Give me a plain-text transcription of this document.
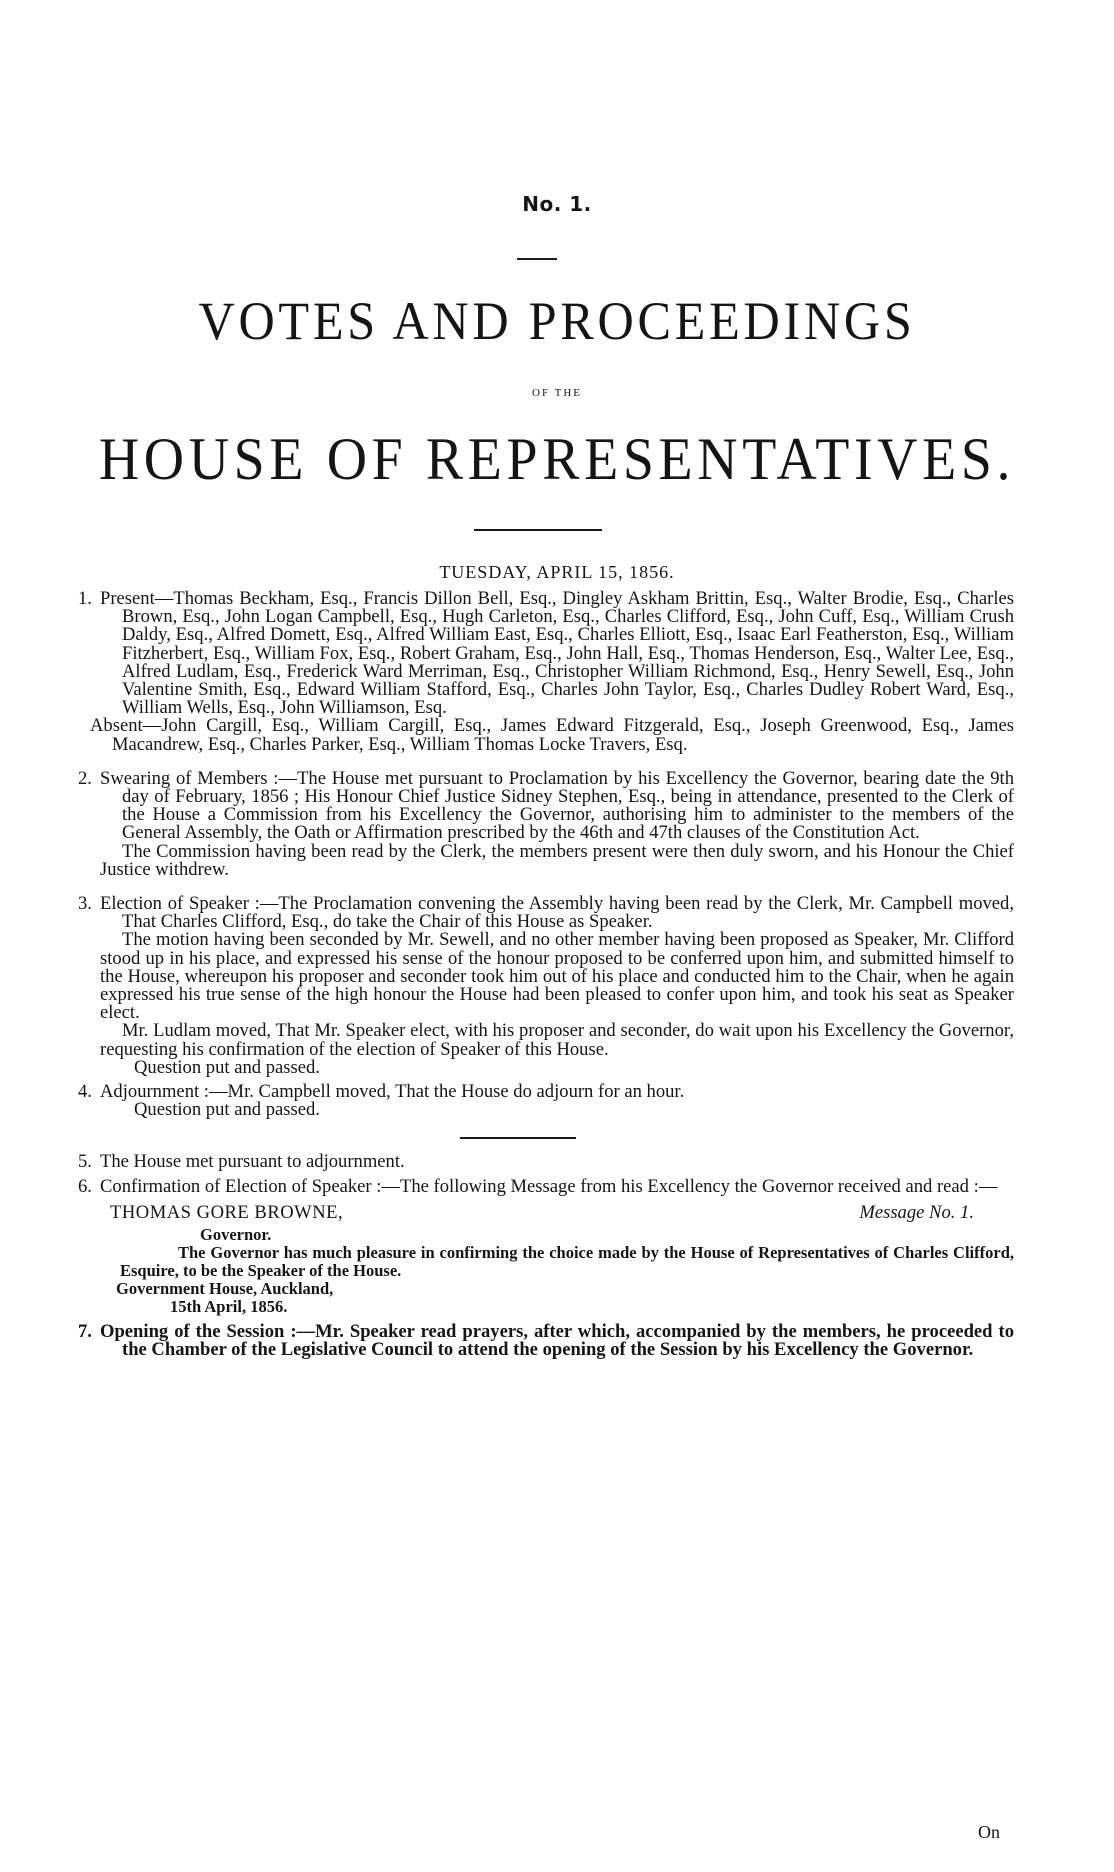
No. 1.
VOTES AND PROCEEDINGS
OF THE
HOUSE OF REPRESENTATIVES.
TUESDAY, APRIL 15, 1856.
1. Present—Thomas Beckham, Esq., Francis Dillon Bell, Esq., Dingley Askham Brittin, Esq., Walter Brodie, Esq., Charles Brown, Esq., John Logan Campbell, Esq., Hugh Carleton, Esq., Charles Clifford, Esq., John Cuff, Esq., William Crush Daldy, Esq., Alfred Domett, Esq., Alfred William East, Esq., Charles Elliott, Esq., Isaac Earl Featherston, Esq., William Fitzherbert, Esq., William Fox, Esq., Robert Graham, Esq., John Hall, Esq., Thomas Henderson, Esq., Walter Lee, Esq., Alfred Ludlam, Esq., Frederick Ward Merriman, Esq., Christopher William Richmond, Esq., Henry Sewell, Esq., John Valentine Smith, Esq., Edward William Stafford, Esq., Charles John Taylor, Esq., Charles Dudley Robert Ward, Esq., William Wells, Esq., John Williamson, Esq.

Absent—John Cargill, Esq., William Cargill, Esq., James Edward Fitzgerald, Esq., Joseph Greenwood, Esq., James Macandrew, Esq., Charles Parker, Esq., William Thomas Locke Travers, Esq.

2. Swearing of Members :—The House met pursuant to Proclamation by his Excellency the Governor, bearing date the 9th day of February, 1856 ; His Honour Chief Justice Sidney Stephen, Esq., being in attendance, presented to the Clerk of the House a Commission from his Excellency the Governor, authorising him to administer to the members of the General Assembly, the Oath or Affirmation prescribed by the 46th and 47th clauses of the Constitution Act.

The Commission having been read by the Clerk, the members present were then duly sworn, and his Honour the Chief Justice withdrew.

3. Election of Speaker :—The Proclamation convening the Assembly having been read by the Clerk, Mr. Campbell moved, That Charles Clifford, Esq., do take the Chair of this House as Speaker.

The motion having been seconded by Mr. Sewell, and no other member having been proposed as Speaker, Mr. Clifford stood up in his place, and expressed his sense of the honour proposed to be conferred upon him, and submitted himself to the House, whereupon his proposer and seconder took him out of his place and conducted him to the Chair, when he again expressed his true sense of the high honour the House had been pleased to confer upon him, and took his seat as Speaker elect.

Mr. Ludlam moved, That Mr. Speaker elect, with his proposer and seconder, do wait upon his Excellency the Governor, requesting his confirmation of the election of Speaker of this House.

Question put and passed.

4. Adjournment :—Mr. Campbell moved, That the House do adjourn for an hour.

Question put and passed.

5. The House met pursuant to adjournment.

6. Confirmation of Election of Speaker :—The following Message from his Excellency the Governor received and read :—

THOMAS GORE BROWNE,	Message No. 1.

Governor.

The Governor has much pleasure in confirming the choice made by the House of Representatives of Charles Clifford, Esquire, to be the Speaker of the House.

Government House, Auckland,

15th April, 1856.

7. Opening of the Session :—Mr. Speaker read prayers, after which, accompanied by the members, he proceeded to the Chamber of the Legislative Council to attend the opening of the Session by his Excellency the Governor.

On
